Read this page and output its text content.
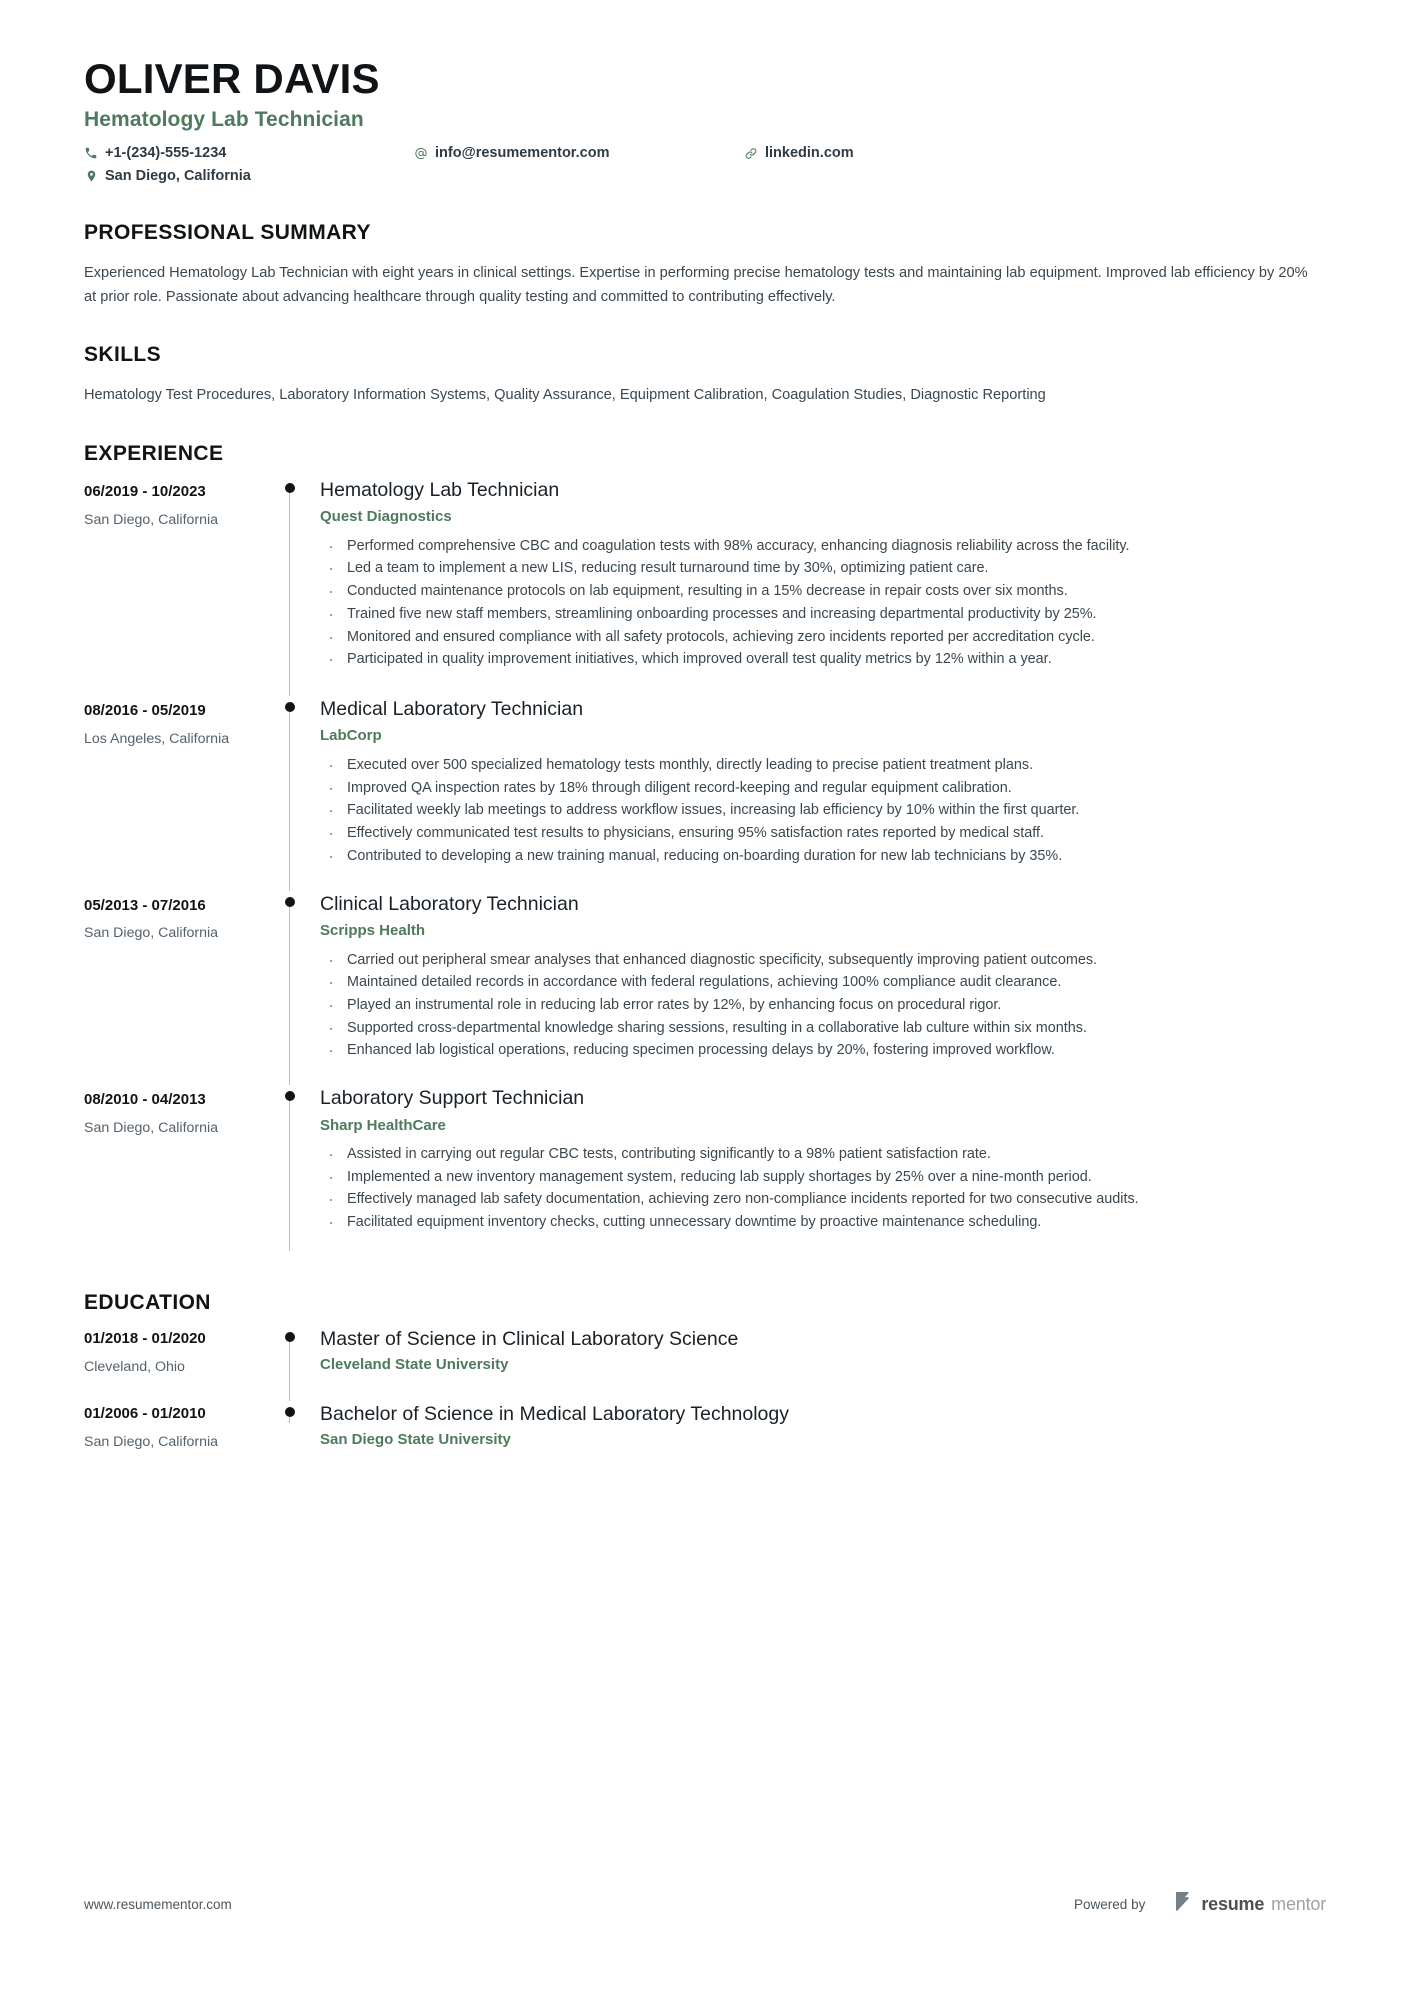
OLIVER DAVIS
Hematology Lab Technician
+1-(234)-555-1234	info@resumementor.com	linkedin.com
San Diego, California
PROFESSIONAL SUMMARY
Experienced Hematology Lab Technician with eight years in clinical settings. Expertise in performing precise hematology tests and maintaining lab equipment. Improved lab efficiency by 20% at prior role. Passionate about advancing healthcare through quality testing and committed to contributing effectively.
SKILLS
Hematology Test Procedures, Laboratory Information Systems, Quality Assurance, Equipment Calibration, Coagulation Studies, Diagnostic Reporting
EXPERIENCE
06/2019 - 10/2023
San Diego, California
Hematology Lab Technician
Quest Diagnostics
· Performed comprehensive CBC and coagulation tests with 98% accuracy, enhancing diagnosis reliability across the facility.
· Led a team to implement a new LIS, reducing result turnaround time by 30%, optimizing patient care.
· Conducted maintenance protocols on lab equipment, resulting in a 15% decrease in repair costs over six months.
· Trained five new staff members, streamlining onboarding processes and increasing departmental productivity by 25%.
· Monitored and ensured compliance with all safety protocols, achieving zero incidents reported per accreditation cycle.
· Participated in quality improvement initiatives, which improved overall test quality metrics by 12% within a year.
08/2016 - 05/2019
Los Angeles, California
Medical Laboratory Technician
LabCorp
· Executed over 500 specialized hematology tests monthly, directly leading to precise patient treatment plans.
· Improved QA inspection rates by 18% through diligent record-keeping and regular equipment calibration.
· Facilitated weekly lab meetings to address workflow issues, increasing lab efficiency by 10% within the first quarter.
· Effectively communicated test results to physicians, ensuring 95% satisfaction rates reported by medical staff.
· Contributed to developing a new training manual, reducing on-boarding duration for new lab technicians by 35%.
05/2013 - 07/2016
San Diego, California
Clinical Laboratory Technician
Scripps Health
· Carried out peripheral smear analyses that enhanced diagnostic specificity, subsequently improving patient outcomes.
· Maintained detailed records in accordance with federal regulations, achieving 100% compliance audit clearance.
· Played an instrumental role in reducing lab error rates by 12%, by enhancing focus on procedural rigor.
· Supported cross-departmental knowledge sharing sessions, resulting in a collaborative lab culture within six months.
· Enhanced lab logistical operations, reducing specimen processing delays by 20%, fostering improved workflow.
08/2010 - 04/2013
San Diego, California
Laboratory Support Technician
Sharp HealthCare
· Assisted in carrying out regular CBC tests, contributing significantly to a 98% patient satisfaction rate.
· Implemented a new inventory management system, reducing lab supply shortages by 25% over a nine-month period.
· Effectively managed lab safety documentation, achieving zero non-compliance incidents reported for two consecutive audits.
· Facilitated equipment inventory checks, cutting unnecessary downtime by proactive maintenance scheduling.
EDUCATION
01/2018 - 01/2020
Cleveland, Ohio
Master of Science in Clinical Laboratory Science
Cleveland State University
01/2006 - 01/2010
San Diego, California
Bachelor of Science in Medical Laboratory Technology
San Diego State University
www.resumementor.com	Powered by	resume mentor
